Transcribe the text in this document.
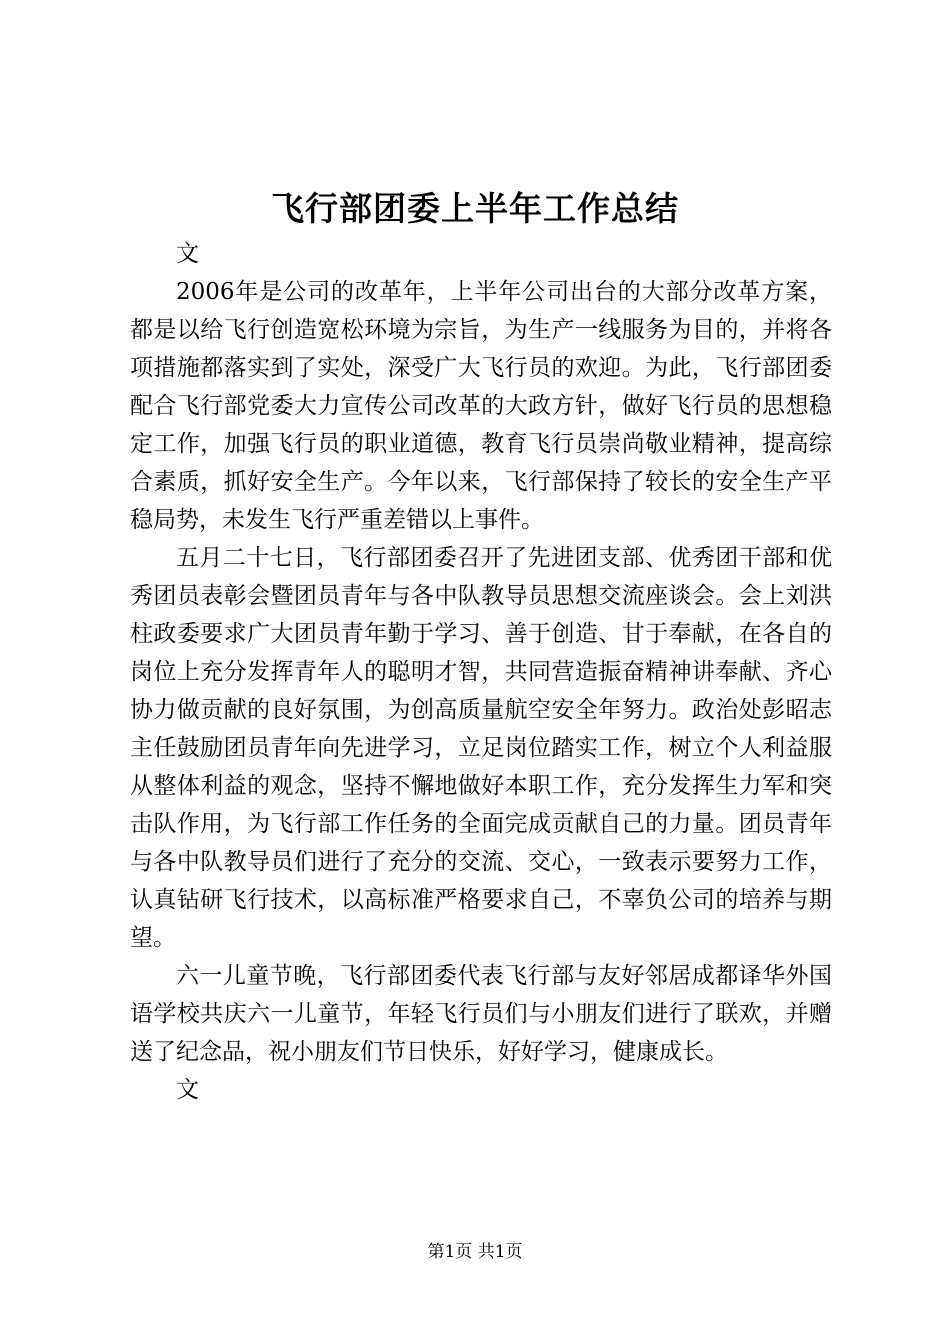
飞行部团委上半年工作总结

文

2006年是公司的改革年，上半年公司出台的大部分改革方案，都是以给飞行创造宽松环境为宗旨，为生产一线服务为目的，并将各项措施都落实到了实处，深受广大飞行员的欢迎。为此，飞行部团委配合飞行部党委大力宣传公司改革的大政方针，做好飞行员的思想稳定工作，加强飞行员的职业道德，教育飞行员崇尚敬业精神，提高综合素质，抓好安全生产。今年以来，飞行部保持了较长的安全生产平稳局势，未发生飞行严重差错以上事件。

五月二十七日，飞行部团委召开了先进团支部、优秀团干部和优秀团员表彰会暨团员青年与各中队教导员思想交流座谈会。会上刘洪柱政委要求广大团员青年勤于学习、善于创造、甘于奉献，在各自的岗位上充分发挥青年人的聪明才智，共同营造振奋精神讲奉献、齐心协力做贡献的良好氛围，为创高质量航空安全年努力。政治处彭昭志主任鼓励团员青年向先进学习，立足岗位踏实工作，树立个人利益服从整体利益的观念，坚持不懈地做好本职工作，充分发挥生力军和突击队作用，为飞行部工作任务的全面完成贡献自己的力量。团员青年与各中队教导员们进行了充分的交流、交心，一致表示要努力工作，认真钻研飞行技术，以高标准严格要求自己，不辜负公司的培养与期望。

六一儿童节晚，飞行部团委代表飞行部与友好邻居成都译华外国语学校共庆六一儿童节，年轻飞行员们与小朋友们进行了联欢，并赠送了纪念品，祝小朋友们节日快乐，好好学习，健康成长。

文

第1页 共1页
